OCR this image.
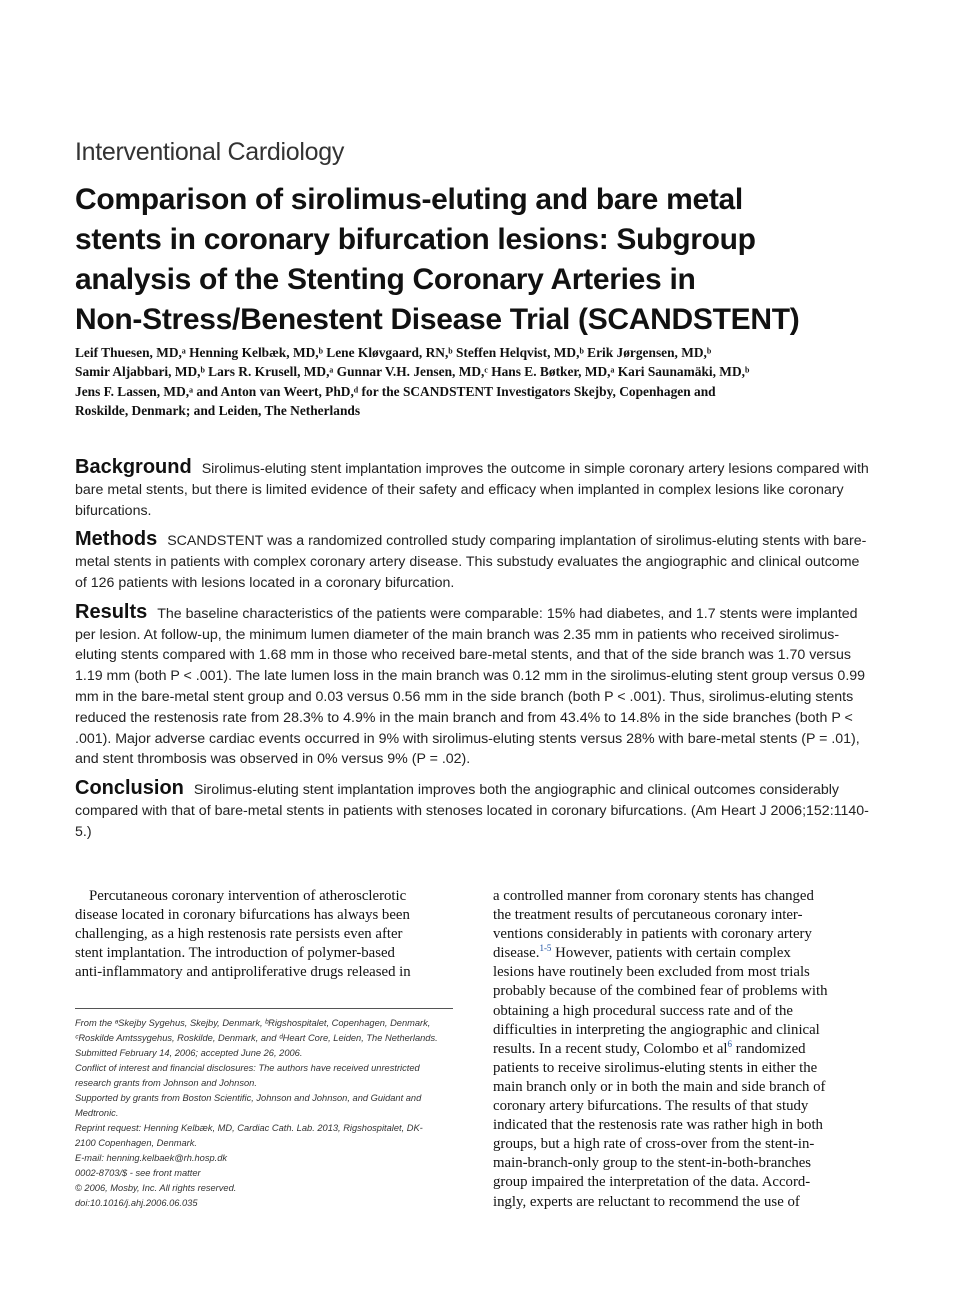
Interventional Cardiology
Comparison of sirolimus-eluting and bare metal
stents in coronary bifurcation lesions: Subgroup
analysis of the Stenting Coronary Arteries in
Non-Stress/Benestent Disease Trial (SCANDSTENT)
Leif Thuesen, MD,ᵃ Henning Kelbæk, MD,ᵇ Lene Kløvgaard, RN,ᵇ Steffen Helqvist, MD,ᵇ Erik Jørgensen, MD,ᵇ
Samir Aljabbari, MD,ᵇ Lars R. Krusell, MD,ᵃ Gunnar V.H. Jensen, MD,ᶜ Hans E. Bøtker, MD,ᵃ Kari Saunamäki, MD,ᵇ
Jens F. Lassen, MD,ᵃ and Anton van Weert, PhD,ᵈ for the SCANDSTENT Investigators Skejby, Copenhagen and
Roskilde, Denmark; and Leiden, The Netherlands

Background Sirolimus-eluting stent implantation improves the outcome in simple coronary artery lesions compared with bare metal stents, but there is limited evidence of their safety and efficacy when implanted in complex lesions like coronary bifurcations.

Methods SCANDSTENT was a randomized controlled study comparing implantation of sirolimus-eluting stents with bare-metal stents in patients with complex coronary artery disease. This substudy evaluates the angiographic and clinical outcome of 126 patients with lesions located in a coronary bifurcation.

Results The baseline characteristics of the patients were comparable: 15% had diabetes, and 1.7 stents were implanted per lesion. At follow-up, the minimum lumen diameter of the main branch was 2.35 mm in patients who received sirolimus-eluting stents compared with 1.68 mm in those who received bare-metal stents, and that of the side branch was 1.70 versus 1.19 mm (both P < .001). The late lumen loss in the main branch was 0.12 mm in the sirolimus-eluting stent group versus 0.99 mm in the bare-metal stent group and 0.03 versus 0.56 mm in the side branch (both P < .001). Thus, sirolimus-eluting stents reduced the restenosis rate from 28.3% to 4.9% in the main branch and from 43.4% to 14.8% in the side branches (both P < .001). Major adverse cardiac events occurred in 9% with sirolimus-eluting stents versus 28% with bare-metal stents (P = .01), and stent thrombosis was observed in 0% versus 9% (P = .02).

Conclusion Sirolimus-eluting stent implantation improves both the angiographic and clinical outcomes considerably compared with that of bare-metal stents in patients with stenoses located in coronary bifurcations. (Am Heart J 2006;152:1140-5.)

Percutaneous coronary intervention of atherosclerotic
disease located in coronary bifurcations has always been
challenging, as a high restenosis rate persists even after
stent implantation. The introduction of polymer-based
anti-inflammatory and antiproliferative drugs released in
From the ᵃSkejby Sygehus, Skejby, Denmark, ᵇRigshospitalet, Copenhagen, Denmark,
ᶜRoskilde Amtssygehus, Roskilde, Denmark, and ᵈHeart Core, Leiden, The Netherlands.
Submitted February 14, 2006; accepted June 26, 2006.
Conflict of interest and financial disclosures: The authors have received unrestricted
research grants from Johnson and Johnson.
Supported by grants from Boston Scientific, Johnson and Johnson, and Guidant and
Medtronic.
Reprint request: Henning Kelbæk, MD, Cardiac Cath. Lab. 2013, Rigshospitalet, DK-
2100 Copenhagen, Denmark.
E-mail: henning.kelbaek@rh.hosp.dk
0002-8703/$ - see front matter
© 2006, Mosby, Inc. All rights reserved.
doi:10.1016/j.ahj.2006.06.035
a controlled manner from coronary stents has changed
the treatment results of percutaneous coronary inter-
ventions considerably in patients with coronary artery
disease.$^{1-5}$ However, patients with certain complex
lesions have routinely been excluded from most trials
probably because of the combined fear of problems with
obtaining a high procedural success rate and of the
difficulties in interpreting the angiographic and clinical
results. In a recent study, Colombo et al$^6$ randomized
patients to receive sirolimus-eluting stents in either the
main branch only or in both the main and side branch of
coronary artery bifurcations. The results of that study
indicated that the restenosis rate was rather high in both
groups, but a high rate of cross-over from the stent-in-
main-branch-only group to the stent-in-both-branches
group impaired the interpretation of the data. Accord-
ingly, experts are reluctant to recommend the use of
